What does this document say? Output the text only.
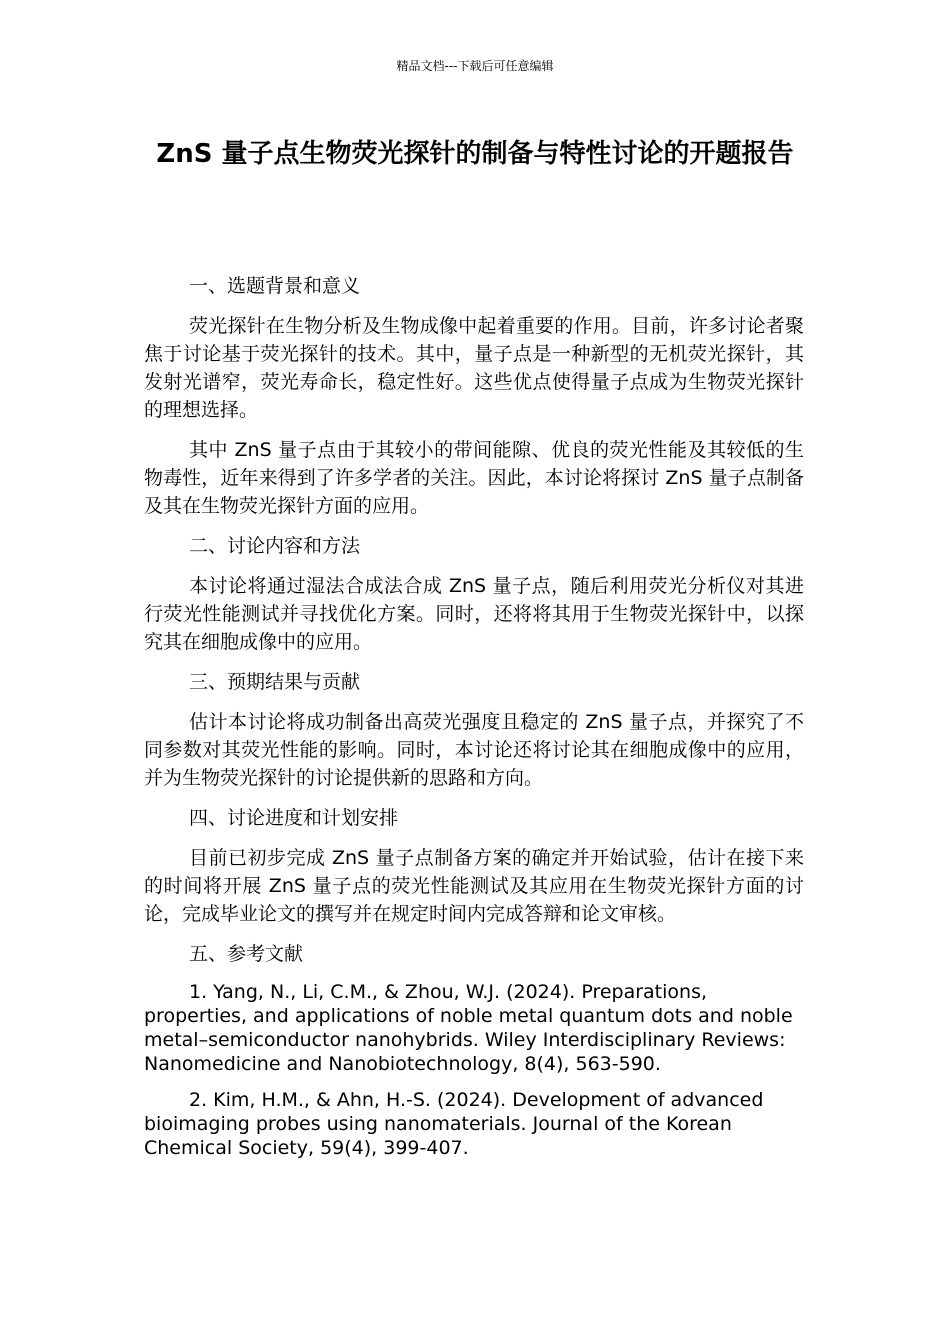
精品文档---下载后可任意编辑
ZnS 量子点生物荧光探针的制备与特性讨论的开题报告

一、选题背景和意义

荧光探针在生物分析及生物成像中起着重要的作用。目前，许多讨论者聚焦于讨论基于荧光探针的技术。其中，量子点是一种新型的无机荧光探针，其发射光谱窄，荧光寿命长，稳定性好。这些优点使得量子点成为生物荧光探针的理想选择。

其中 ZnS 量子点由于其较小的带间能隙、优良的荧光性能及其较低的生物毒性，近年来得到了许多学者的关注。因此，本讨论将探讨 ZnS 量子点制备及其在生物荧光探针方面的应用。

二、讨论内容和方法

本讨论将通过湿法合成法合成 ZnS 量子点，随后利用荧光分析仪对其进行荧光性能测试并寻找优化方案。同时，还将将其用于生物荧光探针中，以探究其在细胞成像中的应用。

三、预期结果与贡献

估计本讨论将成功制备出高荧光强度且稳定的 ZnS 量子点，并探究了不同参数对其荧光性能的影响。同时，本讨论还将讨论其在细胞成像中的应用，并为生物荧光探针的讨论提供新的思路和方向。

四、讨论进度和计划安排

目前已初步完成 ZnS 量子点制备方案的确定并开始试验，估计在接下来的时间将开展 ZnS 量子点的荧光性能测试及其应用在生物荧光探针方面的讨论，完成毕业论文的撰写并在规定时间内完成答辩和论文审核。

五、参考文献

1. Yang, N., Li, C.M., & Zhou, W.J. (2024). Preparations, properties, and applications of noble metal quantum dots and noble metal–semiconductor nanohybrids. Wiley Interdisciplinary Reviews: Nanomedicine and Nanobiotechnology, 8(4), 563-590.

2. Kim, H.M., & Ahn, H.-S. (2024). Development of advanced bioimaging probes using nanomaterials. Journal of the Korean Chemical Society, 59(4), 399-407.
